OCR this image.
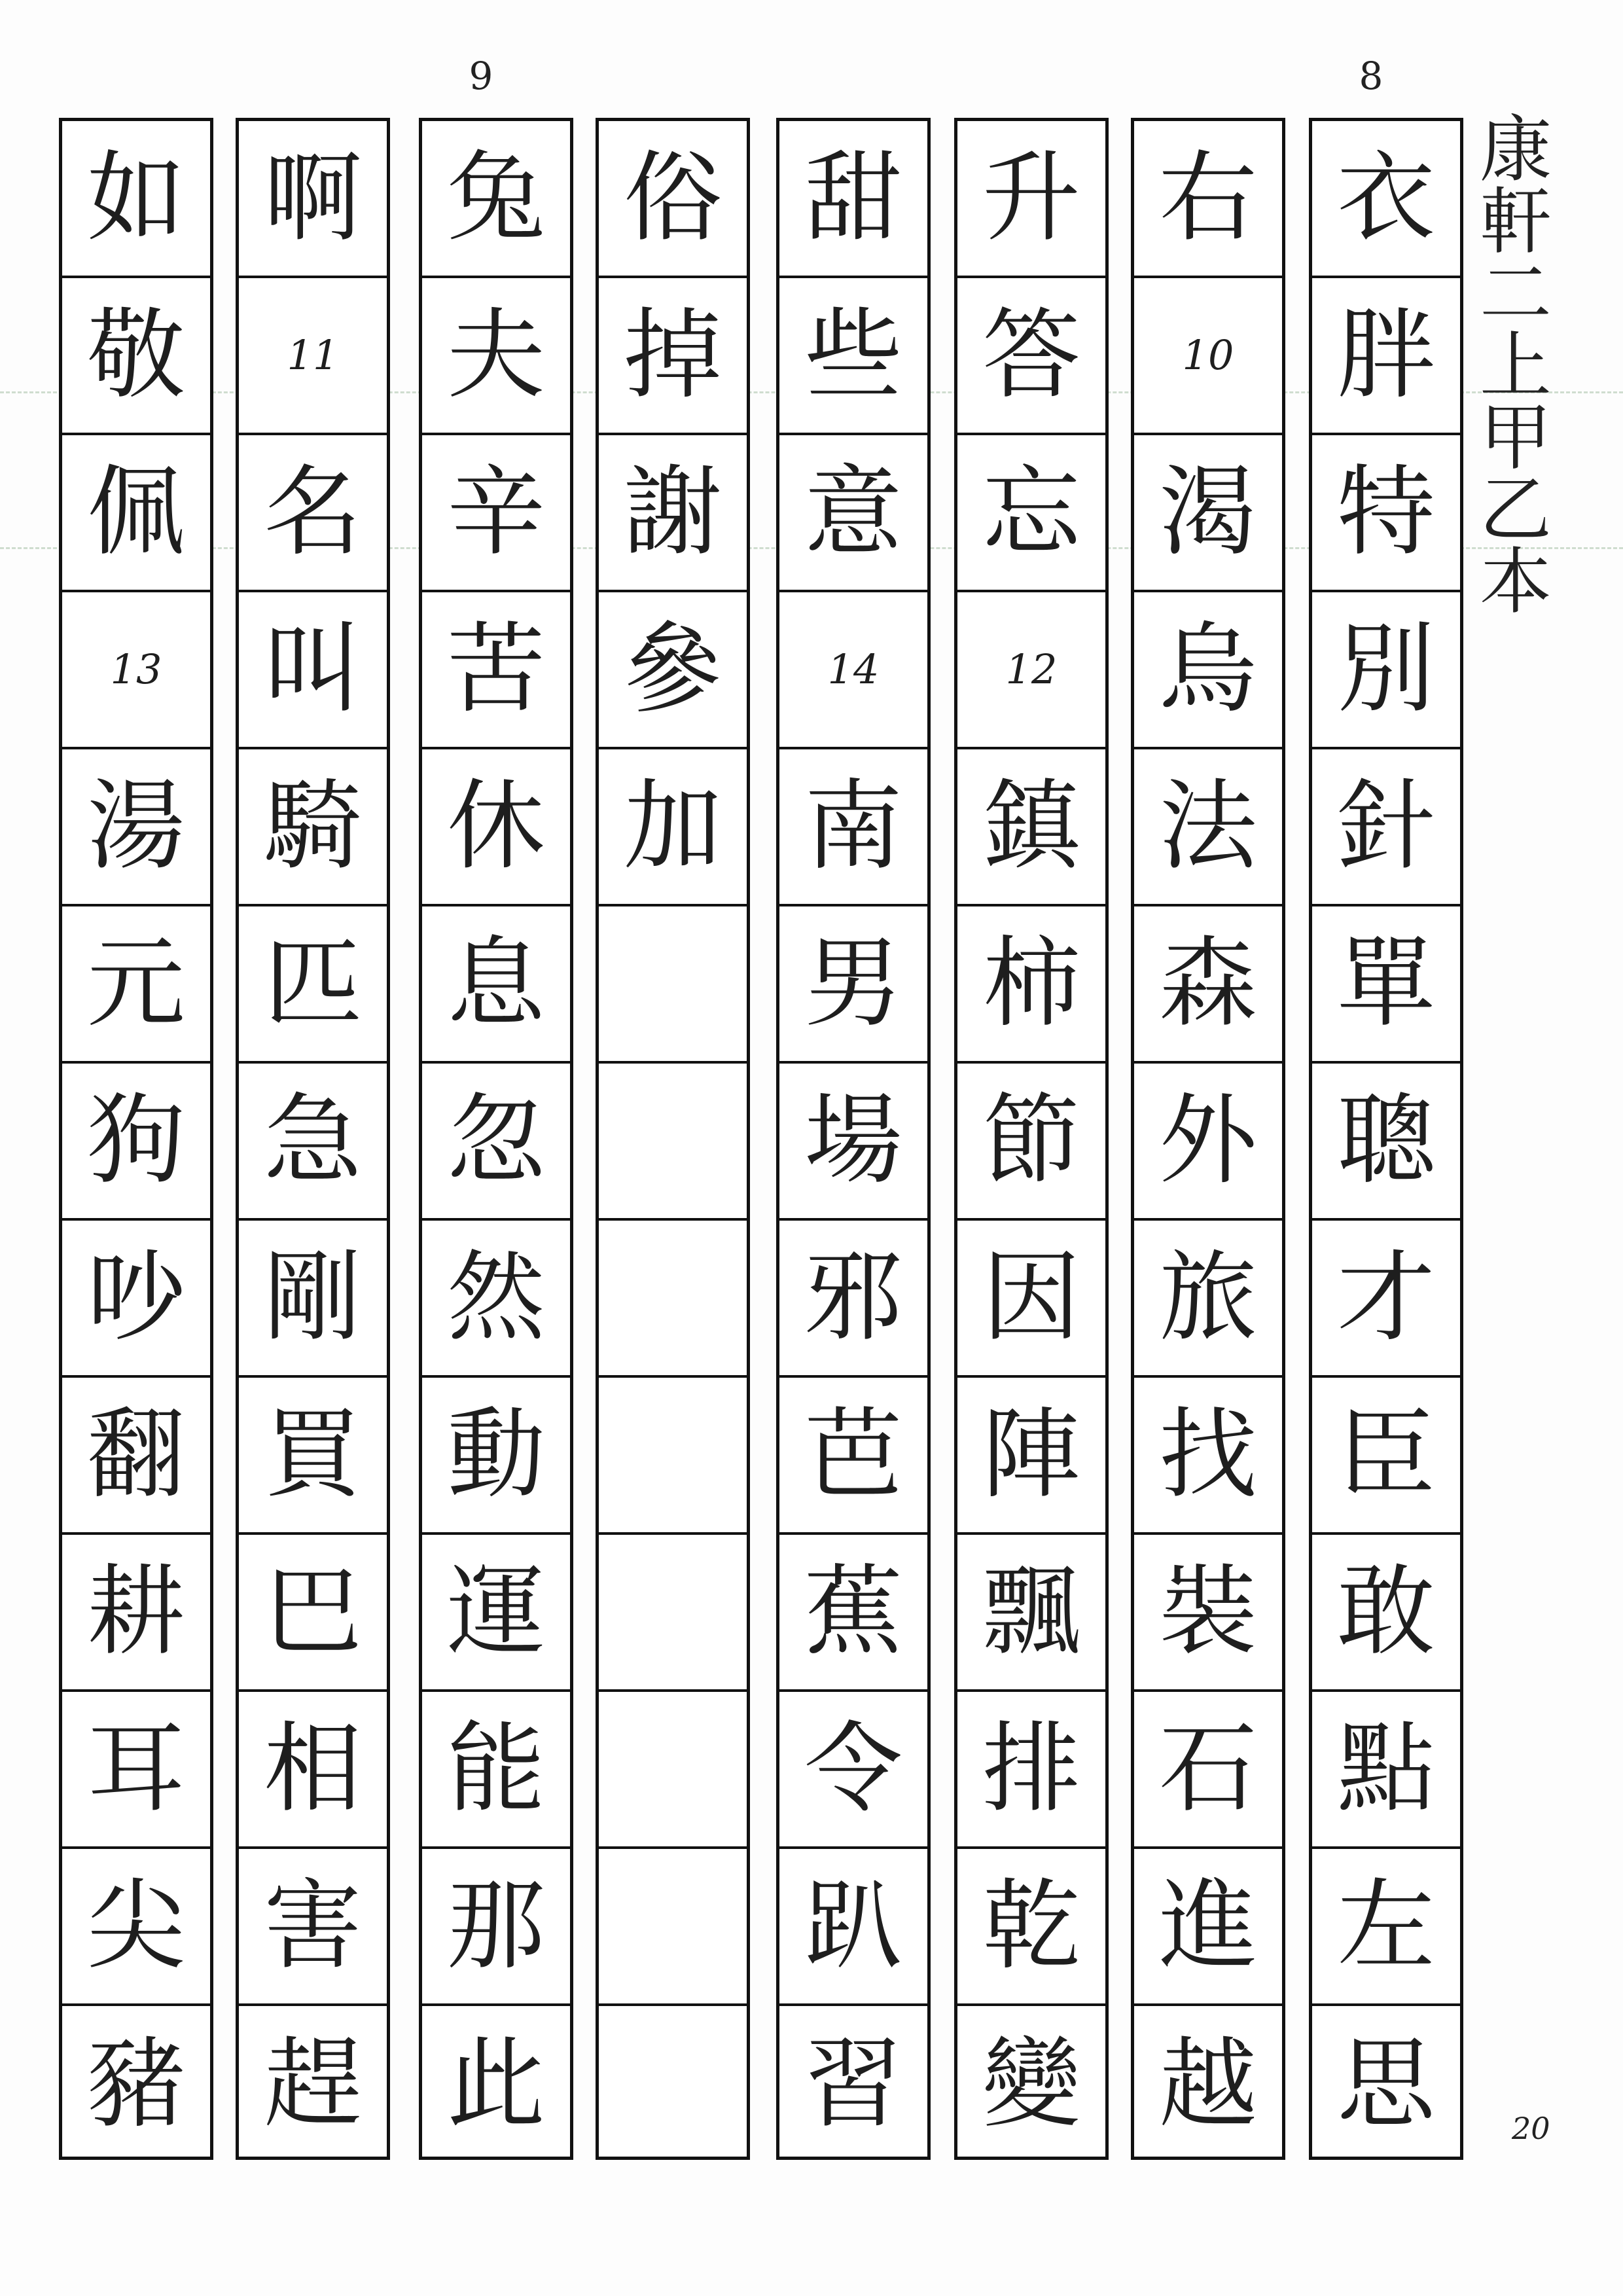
康軒二上甲乙本
8
9
衣
胖
特
別
針
單
聰
才
臣
敢
點
左
思
右
10
渴
烏
法
森
外
旅
找
裝
石
進
越
升
答
忘
12
鎮
柿
節
因
陣
飄
排
乾
變
甜
些
意
14
南
男
場
邪
芭
蕉
令
趴
習
俗
掉
謝
參
加
兔
夫
辛
苦
休
息
忽
然
動
運
能
那
此
啊
11
名
叫
騎
匹
急
剛
買
巴
相
害
趕
如
敬
佩
13
湯
元
狗
吵
翻
耕
耳
尖
豬	20
